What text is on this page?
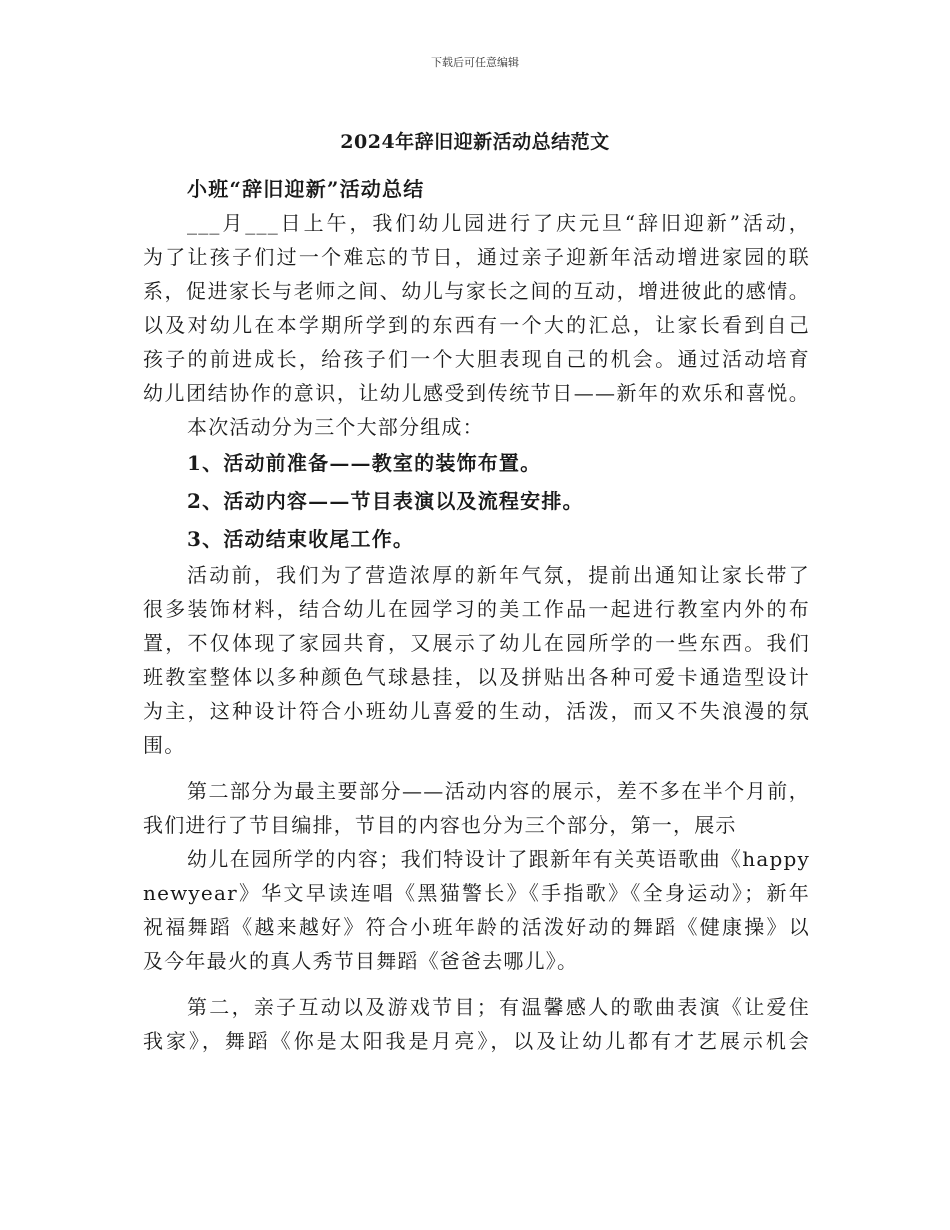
下载后可任意编辑
2024年辞旧迎新活动总结范文

小班“辞旧迎新”活动总结

___月___日上午，我们幼儿园进行了庆元旦“辞旧迎新”活动，

为了让孩子们过一个难忘的节日，通过亲子迎新年活动增进家园的联

系，促进家长与老师之间、幼儿与家长之间的互动，增进彼此的感情。

以及对幼儿在本学期所学到的东西有一个大的汇总，让家长看到自己

孩子的前进成长，给孩子们一个大胆表现自己的机会。通过活动培育

幼儿团结协作的意识，让幼儿感受到传统节日——新年的欢乐和喜悦。

本次活动分为三个大部分组成：

1、活动前准备——教室的装饰布置。

2、活动内容——节目表演以及流程安排。

3、活动结束收尾工作。

活动前，我们为了营造浓厚的新年气氛，提前出通知让家长带了

很多装饰材料，结合幼儿在园学习的美工作品一起进行教室内外的布

置，不仅体现了家园共育，又展示了幼儿在园所学的一些东西。我们

班教室整体以多种颜色气球悬挂，以及拼贴出各种可爱卡通造型设计

为主，这种设计符合小班幼儿喜爱的生动，活泼，而又不失浪漫的氛

围。

第二部分为最主要部分——活动内容的展示，差不多在半个月前，

我们进行了节目编排，节目的内容也分为三个部分，第一，展示

幼儿在园所学的内容；我们特设计了跟新年有关英语歌曲《happy

newyear》华文早读连唱《黑猫警长》《手指歌》《全身运动》；新年

祝福舞蹈《越来越好》符合小班年龄的活泼好动的舞蹈《健康操》以

及今年最火的真人秀节目舞蹈《爸爸去哪儿》。

第二，亲子互动以及游戏节目；有温馨感人的歌曲表演《让爱住

我家》，舞蹈《你是太阳我是月亮》，以及让幼儿都有才艺展示机会
